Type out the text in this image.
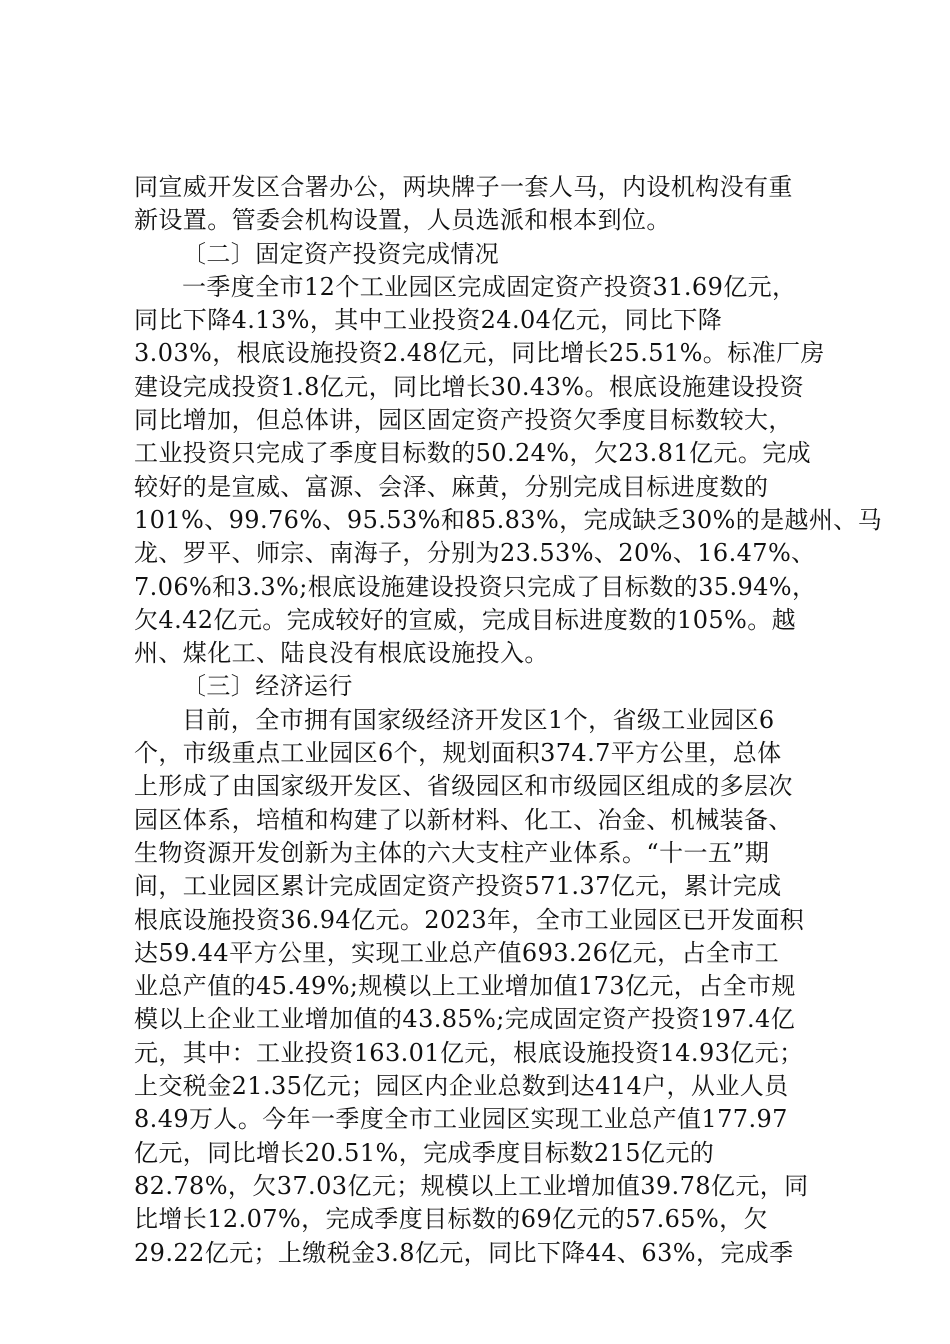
同宣威开发区合署办公，两块牌子一套人马，内设机构没有重
新设置。管委会机构设置，人员选派和根本到位。
〔二〕固定资产投资完成情况
一季度全市12个工业园区完成固定资产投资31.69亿元，
同比下降4.13%，其中工业投资24.04亿元，同比下降
3.03%，根底设施投资2.48亿元，同比增长25.51%。标准厂房
建设完成投资1.8亿元，同比增长30.43%。根底设施建设投资
同比增加，但总体讲，园区固定资产投资欠季度目标数较大，
工业投资只完成了季度目标数的50.24%，欠23.81亿元。完成
较好的是宣威、富源、会泽、麻黄，分别完成目标进度数的
101%、99.76%、95.53%和85.83%，完成缺乏30%的是越州、马
龙、罗平、师宗、南海子，分别为23.53%、20%、16.47%、
7.06%和3.3%;根底设施建设投资只完成了目标数的35.94%，
欠4.42亿元。完成较好的宣威，完成目标进度数的105%。越
州、煤化工、陆良没有根底设施投入。
〔三〕经济运行
目前，全市拥有国家级经济开发区1个，省级工业园区6
个，市级重点工业园区6个，规划面积374.7平方公里，总体
上形成了由国家级开发区、省级园区和市级园区组成的多层次
园区体系，培植和构建了以新材料、化工、冶金、机械装备、
生物资源开发创新为主体的六大支柱产业体系。“十一五”期
间，工业园区累计完成固定资产投资571.37亿元，累计完成
根底设施投资36.94亿元。2023年，全市工业园区已开发面积
达59.44平方公里，实现工业总产值693.26亿元，占全市工
业总产值的45.49%;规模以上工业增加值173亿元，占全市规
模以上企业工业增加值的43.85%;完成固定资产投资197.4亿
元，其中：工业投资163.01亿元，根底设施投资14.93亿元；
上交税金21.35亿元；园区内企业总数到达414户，从业人员
8.49万人。今年一季度全市工业园区实现工业总产值177.97
亿元，同比增长20.51%，完成季度目标数215亿元的
82.78%，欠37.03亿元；规模以上工业增加值39.78亿元，同
比增长12.07%，完成季度目标数的69亿元的57.65%，欠
29.22亿元；上缴税金3.8亿元，同比下降44、63%，完成季
